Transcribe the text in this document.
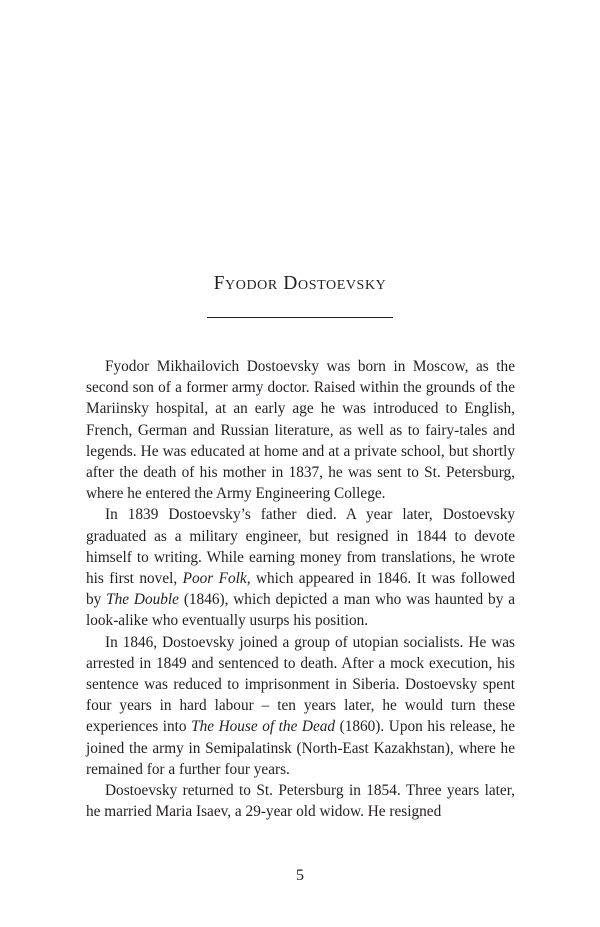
Fyodor Dostoevsky

Fyodor Mikhailovich Dostoevsky was born in Moscow, as the second son of a former army doctor. Raised within the grounds of the Mariinsky hospital, at an early age he was introduced to English, French, German and Russian literature, as well as to fairy-tales and legends. He was educated at home and at a private school, but shortly after the death of his mother in 1837, he was sent to St. Petersburg, where he entered the Army Engineering College.

In 1839 Dostoevsky’s father died. A year later, Dostoevsky graduated as a military engineer, but resigned in 1844 to devote himself to writing. While earning money from translations, he wrote his first novel, Poor Folk, which appeared in 1846. It was followed by The Double (1846), which depicted a man who was haunted by a look-alike who eventually usurps his position.

In 1846, Dostoevsky joined a group of utopian socialists. He was arrested in 1849 and sentenced to death. After a mock execution, his sentence was reduced to imprisonment in Siberia. Dostoevsky spent four years in hard labour – ten years later, he would turn these experiences into The House of the Dead (1860). Upon his release, he joined the army in Semipalatinsk (North-East Kazakhstan), where he remained for a further four years.

Dostoevsky returned to St. Petersburg in 1854. Three years later, he married Maria Isaev, a 29-year old widow. He resigned

5
